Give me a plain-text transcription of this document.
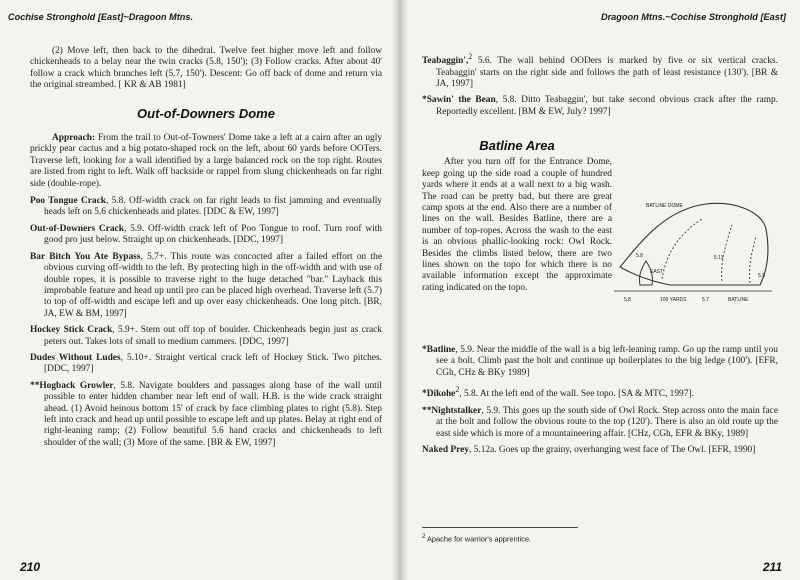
Cochise Stronghold [East]~Dragoon Mtns.

(2) Move left, then back to the dihedral. Twelve feet higher move left and follow chickenheads to a belay near the twin cracks (5.8, 150'); (3) Follow cracks. After about 40' follow a crack which branches left (5.7, 150'). Descent: Go off back of dome and return via the original streambed. [ KR & AB 1981]

Out-of-Downers Dome

Approach: From the trail to Out-of-Towners' Dome take a left at a cairn after an ugly prickly pear cactus and a big potato-shaped rock on the left, about 60 yards before OOTers. Traverse left, looking for a wall identified by a large balanced rock on the top right. Routes are listed from right to left. Walk off backside or rappel from slung chickenheads on far right side (double-rope).

Poo Tongue Crack, 5.8. Off-width crack on far right leads to fist jamming and eventually heads left on 5.6 chickenheads and plates. [DDC & EW, 1997]

Out-of-Downers Crack, 5.9. Off-width crack left of Poo Tongue to roof. Turn roof with good pro just below. Straight up on chickenheads. [DDC, 1997]

Bar Bitch You Ate Bypass, 5.7+. This route was concocted after a failed effort on the obvious curving off-width to the left. By protecting high in the off-width and with use of double ropes, it is possible to traverse right to the huge detached "bar." Layback this improbable feature and head up until pro can be placed high overhead. Traverse left (5.7) to top of off-width and escape left and up over easy chickenheads. One long pitch. [BR, JA, EW & BM, 1997]

Hockey Stick Crack, 5.9+. Stem out off top of boulder. Chickenheads begin just as crack peters out. Takes lots of small to medium cammers. [DDC, 1997]

Dudes Without Ludes, 5.10+. Straight vertical crack left of Hockey Stick. Two pitches. [DDC, 1997]

**Hogback Growler, 5.8. Navigate boulders and passages along base of the wall until possible to enter hidden chamber near left end of wall. H.B. is the wide crack straight ahead. (1) Avoid heinous bottom 15' of crack by face climbing plates to right (5.8). Step left into crack and head up until possible to escape left and up plates. Belay at right end of right-leaning ramp; (2) Follow beautiful 5.6 hand cracks and chickenheads to left shoulder of the wall; (3) More of the same. [BR & EW, 1997]

210
Dragoon Mtns.~Cochise Stronghold [East]

Teabaggin',$^2$ 5.6. The wall behind OODers is marked by five or six vertical cracks. Teabaggin' starts on the right side and follows the path of least resistance (130'). [BR & JA, 1997]

*Sawin' the Bean, 5.8. Ditto Teabaggin', but take second obvious crack after the ramp. Reportedly excellent. [BM & EW, July? 1997]

Batline Area

After you turn off for the Entrance Dome, keep going up the side road a couple of hundred yards where it ends at a wall next to a big wash. The road can be pretty bad, but there are great camp spots at the end. Also there are a number of lines on the wall. Besides Batline, there are a number of top-ropes. Across the wash to the east is an obvious phallic-looking rock: Owl Rock. Besides the climbs listed below, there are two lines shown on the topo for which there is no available information except the approximate rating indicated on the topo.

BATLINE DOME
5.8
EAST
5.11
5.9
5.8	100 YARDS	5.7	BATLINE

*Batline, 5.9. Near the middle of the wall is a big left-leaning ramp. Go up the ramp until you see a bolt. Climb past the bolt and continue up boilerplates to the big ledge (100'). [EFR, CGh, CHz & BKy 1989]

*Dikohe$^2$, 5.8. At the left end of the wall. See topo. [SA & MTC, 1997].

**Nightstalker, 5.9. This goes up the south side of Owl Rock. Step across onto the main face at the bolt and follow the obvious route to the top (120'). There is also an old route up the east side which is more of a mountaineering affair. [CHz, CGh, EFR & BKy, 1989]

Naked Prey, 5.12a. Goes up the grainy, overhanging west face of The Owl. [EFR, 1990]

$^2$ Apache for warrior's apprentice.
211
